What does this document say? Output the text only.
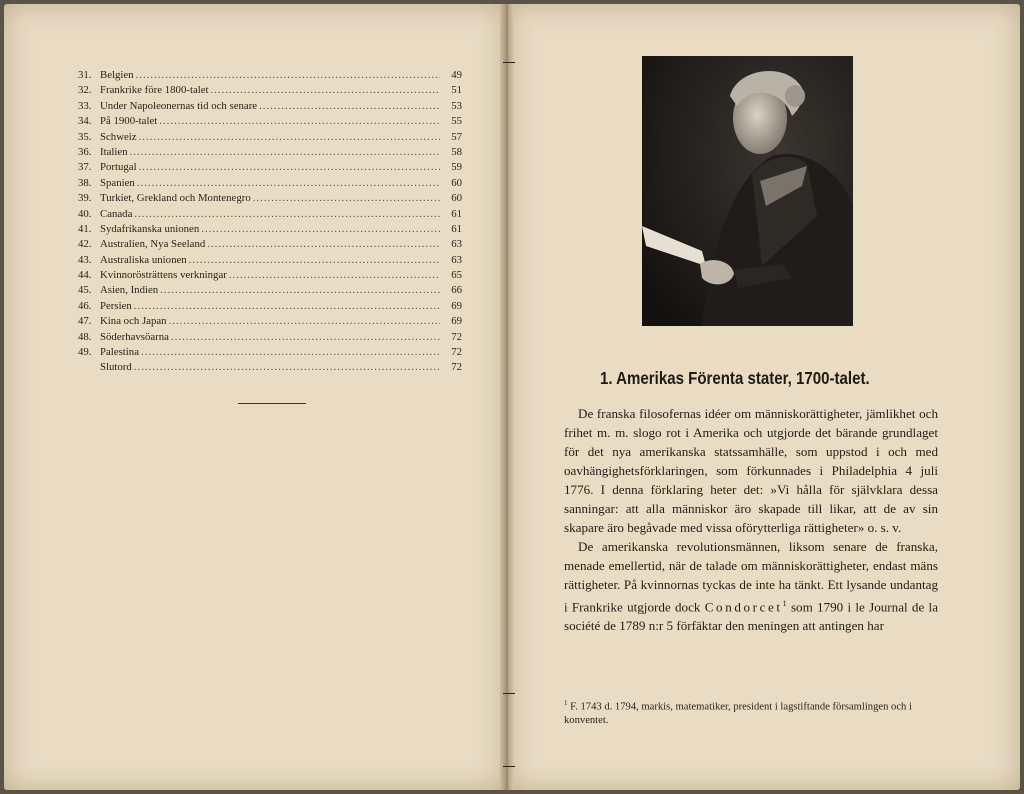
31. Belgien .....	49
32. Frankrike före 1800-talet .....	51
33. Under Napoleonernas tid och senare .....	53
34. På 1900-talet .....	55
35. Schweiz .....	57
36. Italien .....	58
37. Portugal .....	59
38. Spanien .....	60
39. Turkiet, Grekland och Montenegro .....	60
40. Canada .....	61
41. Sydafrikanska unionen .....	61
42. Australien, Nya Seeland .....	63
43. Australiska unionen .....	63
44. Kvinnorösträttens verkningar .....	65
45. Asien, Indien .....	66
46. Persien .....	69
47. Kina och Japan .....	69
48. Söderhavsöarna .....	72
49. Palestina .....	72
Slutord .....	72
1. Amerikas Förenta stater, 1700-talet.

De franska filosofernas idéer om människorättigheter, jämlikhet och frihet m. m. slogo rot i Amerika och utgjorde det bärande grundlaget för det nya amerikanska statssamhälle, som uppstod i och med oavhängighetsförklaringen, som förkunnades i Philadelphia 4 juli 1776. I denna förklaring heter det: »Vi hålla för självklara dessa sanningar: att alla människor äro skapade till likar, att de av sin skapare äro begåvade med vissa oförytterliga rättigheter» o. s. v.

De amerikanska revolutionsmännen, liksom senare de franska, menade emellertid, när de talade om människorättigheter, endast mäns rättigheter. På kvinnornas tyckas de inte ha tänkt. Ett lysande undantag i Frankrike utgjorde dock Condorcet$^1$ som 1790 i le Journal de la société de 1789 n:r 5 förfäktar den meningen att antingen har

$^1$ F. 1743 d. 1794, markis, matematiker, president i lagstiftande församlingen och i konventet.
